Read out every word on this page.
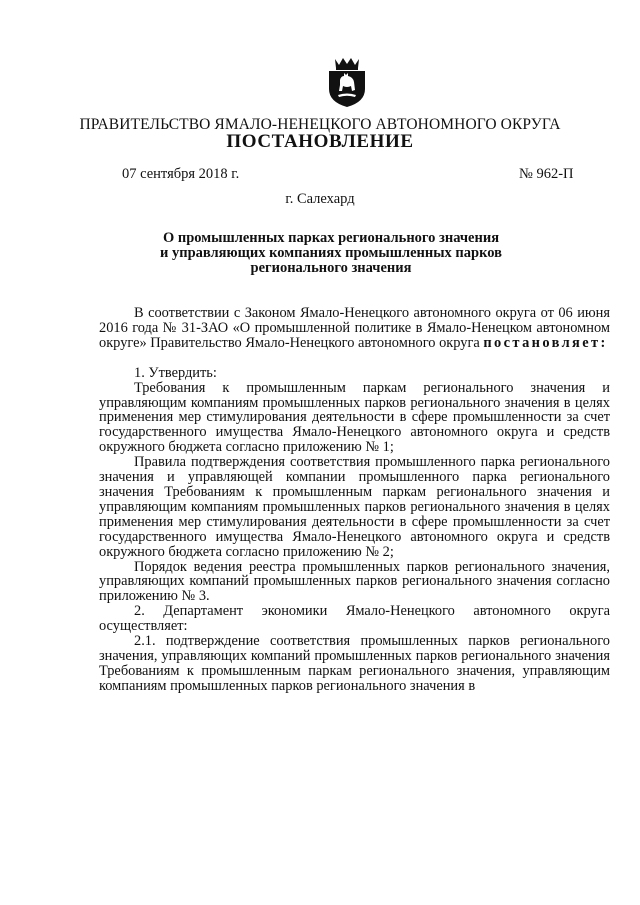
ПРАВИТЕЛЬСТВО ЯМАЛО-НЕНЕЦКОГО АВТОНОМНОГО ОКРУГА
ПОСТАНОВЛЕНИЕ
07 сентября 2018 г.	№ 962-П
г. Салехард
О промышленных парках регионального значения
и управляющих компаниях промышленных парков
регионального значения

В соответствии с Законом Ямало-Ненецкого автономного округа от 06 июня 2016 года № 31-ЗАО «О промышленной политике в Ямало-Ненецком автономном округе» Правительство Ямало-Ненецкого автономного округа постановляет:

1. Утвердить:

Требования к промышленным паркам регионального значения и управляющим компаниям промышленных парков регионального значения в целях применения мер стимулирования деятельности в сфере промышленности за счет государственного имущества Ямало-Ненецкого автономного округа и средств окружного бюджета согласно приложению № 1;

Правила подтверждения соответствия промышленного парка регионального значения и управляющей компании промышленного парка регионального значения Требованиям к промышленным паркам регионального значения и управляющим компаниям промышленных парков регионального значения в целях применения мер стимулирования деятельности в сфере промышленности за счет государственного имущества Ямало-Ненецкого автономного округа и средств окружного бюджета согласно приложению № 2;

Порядок ведения реестра промышленных парков регионального значения, управляющих компаний промышленных парков регионального значения согласно приложению № 3.

2. Департамент экономики Ямало-Ненецкого автономного округа осуществляет:

2.1. подтверждение соответствия промышленных парков регионального значения, управляющих компаний промышленных парков регионального значения Требованиям к промышленным паркам регионального значения, управляющим компаниям промышленных парков регионального значения в
